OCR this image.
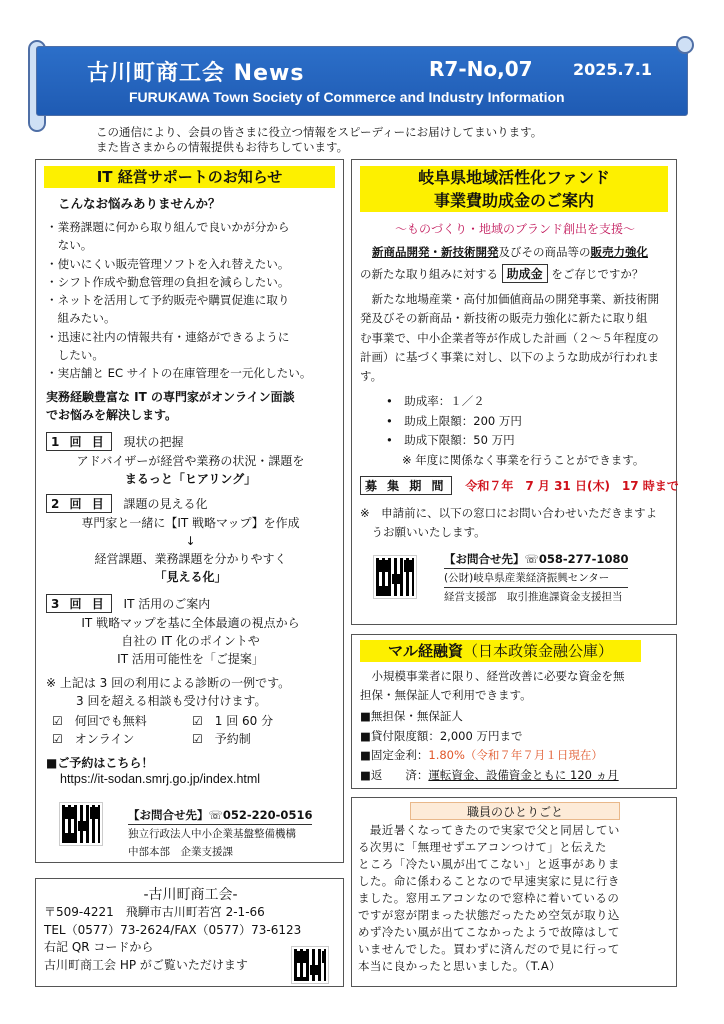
古川町商工会 News	R7-No,07	2025.7.1
FURUKAWA Town Society of Commerce and Industry Information
この通信により、会員の皆さまに役立つ情報をスピーディーにお届けしてまいります。
また皆さまからの情報提供もお待ちしています。
IT 経営サポートのお知らせ
こんなお悩みありませんか？
・業務課題に何から取り組んで良いかが分から
　ない。
・使いにくい販売管理ソフトを入れ替えたい。
・シフト作成や勤怠管理の負担を減らしたい。
・ネットを活用して予約販売や購買促進に取り
　組みたい。
・迅速に社内の情報共有・連絡ができるように
　したい。
・実店舗と EC サイトの在庫管理を一元化したい。
実務経験豊富な IT の専門家がオンライン面談
でお悩みを解決します。
1 回 目 現状の把握
アドバイザーが経営や業務の状況・課題を
まるっと「ヒアリング」
2 回 目 課題の見える化
専門家と一緒に【IT 戦略マップ】を作成
↓
経営課題、業務課題を分かりやすく
「見える化」
3 回 目 IT 活用のご案内
IT 戦略マップを基に全体最適の視点から
自社の IT 化のポイントや
IT 活用可能性を「ご提案」
※ 上記は 3 回の利用による診断の一例です。
3 回を超える相談も受け付けます。
☑　何回でも無料	☑　1 回 60 分
☑　オンライン	☑　予約制
■ご予約はこちら！
https://it-sodan.smrj.go.jp/index.html
【お問合せ先】☏052-220-0516
独立行政法人中小企業基盤整備機構
中部本部　企業支援課
岐阜県地域活性化ファンド
事業費助成金のご案内
～ものづくり・地域のブランド創出を支援～
新商品開発・新技術開発及びその商品等の販売力強化
の新たな取り組みに対する 助成金 をご存じですか？
　新たな地場産業・高付加価値商品の開発事業、新技術開
発及びその新商品・新技術の販売力強化に新たに取り組
む事業で、中小企業者等が作成した計画（２～５年程度の
計画）に基づく事業に対し、以下のような助成が行われま
す。
•　助成率：１／２
•　助成上限額：200 万円
•　助成下限額：50 万円
※ 年度に関係なく事業を行うことができます。
募 集 期 間 令和７年　7 月 31 日(木)　17 時まで
※　申請前に、以下の窓口にお問い合わせいただきますよ
　うお願いいたします。
【お問合せ先】☏058-277-1080
(公財)岐阜県産業経済振興センター
経営支援部　取引推進課資金支援担当
マル経融資（日本政策金融公庫）
　小規模事業者に限り、経営改善に必要な資金を無
担保・無保証人で利用できます。
■無担保・無保証人
■貸付限度額：2,000 万円まで
■固定金利：1.80%（令和７年７月１日現在）
■返　　済：運転資金、設備資金ともに 120 ヵ月
職員のひとりごと
　最近暑くなってきたので実家で父と同居してい
る次男に「無理せずエアコンつけて」と伝えた
ところ「冷たい風が出てこない」と返事がありま
した。命に係わることなので早速実家に見に行き
ました。窓用エアコンなので窓枠に着いているの
ですが窓が閉まった状態だったため空気が取り込
めず冷たい風が出てこなかったようで故障はして
いませんでした。買わずに済んだので見に行って
本当に良かったと思いました。（T.A）
-古川町商工会-
〒509-4221　飛騨市古川町若宮 2-1-66
TEL（0577）73-2624/FAX（0577）73-6123
右記 QR コードから
古川町商工会 HP がご覧いただけます
